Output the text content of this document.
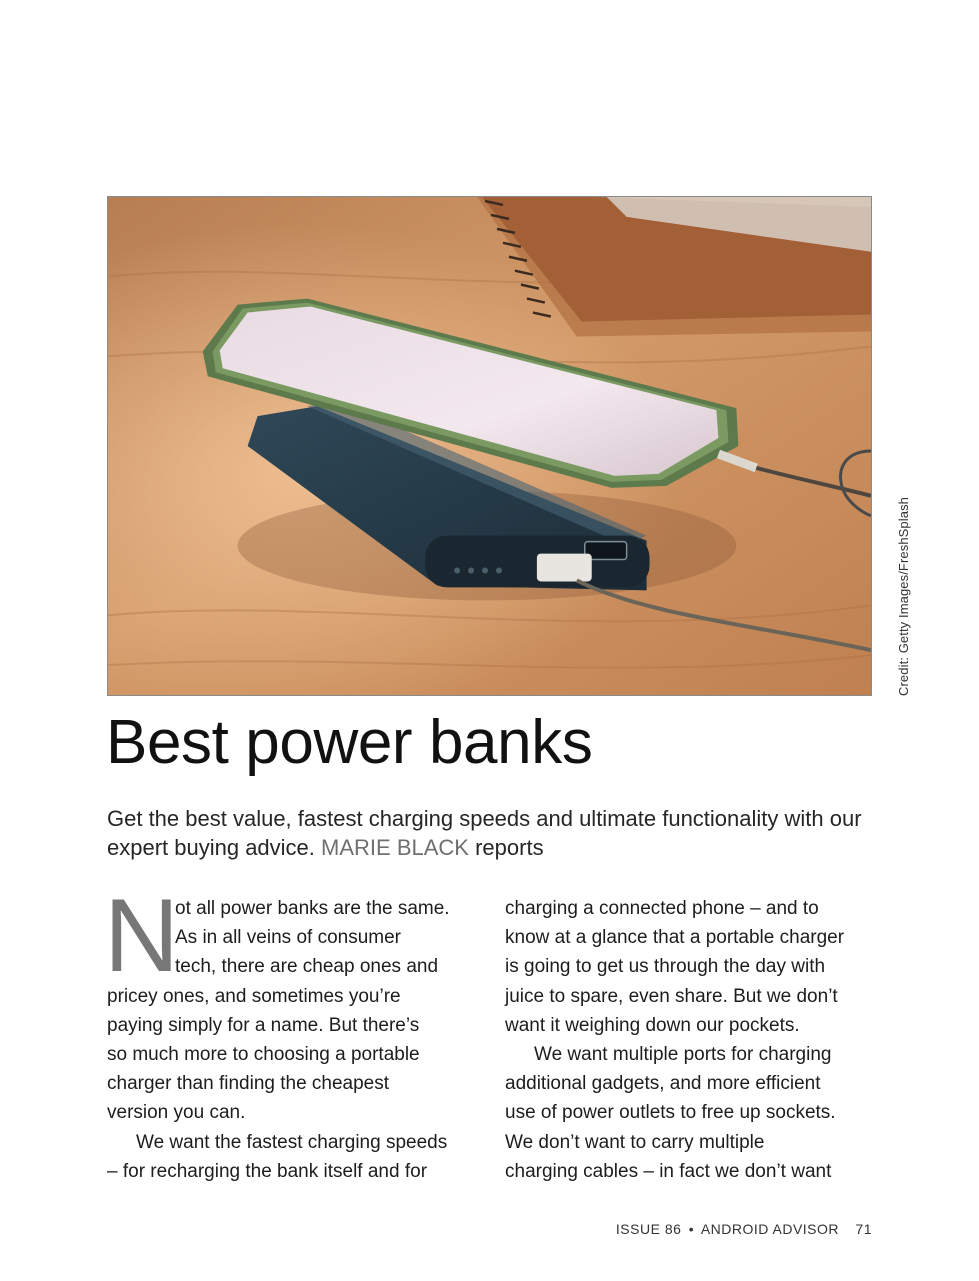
Credit: Getty Images/FreshSplash
Best power banks

Get the best value, fastest charging speeds and ultimate functionality with our expert buying advice. MARIE BLACK reports

N

ot all power banks are the same.

As in all veins of consumer

tech, there are cheap ones and

pricey ones, and sometimes you’re

paying simply for a name. But there’s

so much more to choosing a portable

charger than finding the cheapest

version you can.

We want the fastest charging speeds

– for recharging the bank itself and for

charging a connected phone – and to

know at a glance that a portable charger

is going to get us through the day with

juice to spare, even share. But we don’t

want it weighing down our pockets.

We want multiple ports for charging

additional gadgets, and more efficient

use of power outlets to free up sockets.

We don’t want to carry multiple

charging cables – in fact we don’t want

ISSUE 86 • ANDROID ADVISOR 71
